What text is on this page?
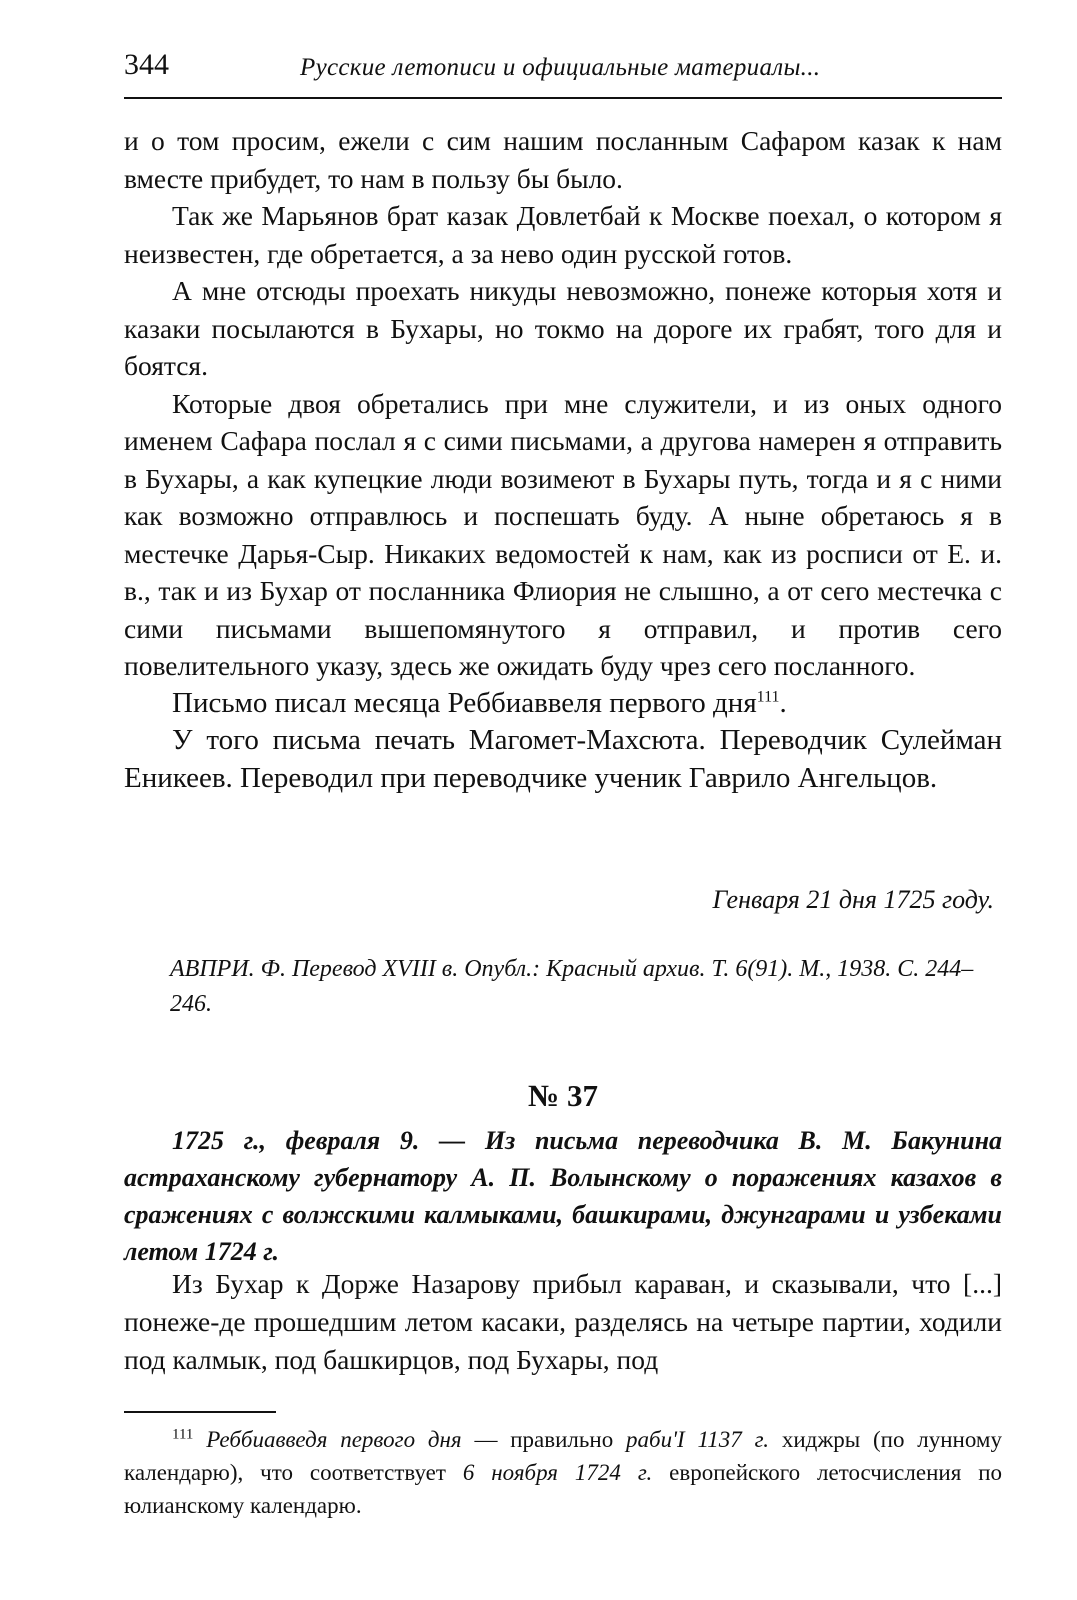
344	Русские летописи и официальные материалы...

и о том просим, ежели с сим нашим посланным Сафаром казак к нам вместе прибудет, то нам в пользу бы было.

Так же Марьянов брат казак Довлетбай к Москве поехал, о котором я неизвестен, где обретается, а за нево один русской готов.

А мне отсюды проехать никуды невозможно, понеже которыя хотя и казаки посылаются в Бухары, но токмо на дороге их грабят, того для и боятся.

Которые двоя обретались при мне служители, и из оных одного именем Сафара послал я с сими письмами, а другова намерен я отправить в Бухары, а как купецкие люди возимеют в Бухары путь, тогда и я с ними как возможно отправлюсь и поспешать буду. А ныне обретаюсь я в местечке Дарья-Сыр. Никаких ведомостей к нам, как из росписи от Е. и. в., так и из Бухар от посланника Флиория не слышно, а от сего местечка с сими письмами вышепомянутого я отправил, и против сего повелительного указу, здесь же ожидать буду чрез сего посланного.

Письмо писал месяца Реббиаввеля первого дня$^{111}$.

У того письма печать Магомет-Махсюта. Переводчик Сулейман Еникеев. Переводил при переводчике ученик Гаврило Ангельцов.

Генваря 21 дня 1725 году.
АВПРИ. Ф. Перевод XVIII в. Опубл.: Красный архив. Т. 6(91). М., 1938. С. 244–246.
№ 37
1725 г., февраля 9. — Из письма переводчика В. М. Бакунина астраханскому губернатору А. П. Волынскому о поражениях казахов в сражениях с волжскими калмыками, башкирами, джунгарами и узбеками летом 1724 г.
Из Бухар к Дорже Назарову прибыл караван, и сказывали, что [...] понеже-де прошедшим летом касаки, разделясь на четыре партии, ходили под калмык, под башкирцов, под Бухары, под
$^{111}$ Реббиавведя первого дня — правильно раби'I 1137 г. хиджры (по лунному календарю), что соответствует 6 ноября 1724 г. европейского летосчисления по юлианскому календарю.
